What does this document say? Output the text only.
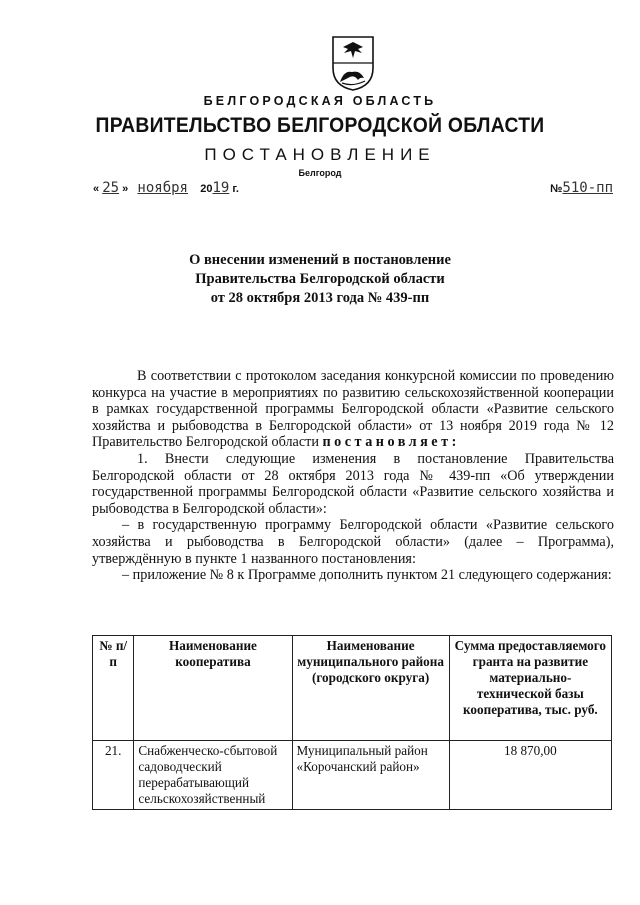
БЕЛГОРОДСКАЯ ОБЛАСТЬ
ПРАВИТЕЛЬСТВО БЕЛГОРОДСКОЙ ОБЛАСТИ
ПОСТАНОВЛЕНИЕ
Белгород
« 25 » ноября 2019 г.	№510-пп
О внесении изменений в постановление
Правительства Белгородской области
от 28 октября 2013 года № 439-пп

В соответствии с протоколом заседания конкурсной комиссии по проведению конкурса на участие в мероприятиях по развитию сельскохозяйственной кооперации в рамках государственной программы Белгородской области «Развитие сельского хозяйства и рыбоводства в Белгородской области» от 13 ноября 2019 года № 12 Правительство Белгородской области постановляет:

1. Внести следующие изменения в постановление Правительства Белгородской области от 28 октября 2013 года № 439-пп «Об утверждении государственной программы Белгородской области «Развитие сельского хозяйства и рыбоводства в Белгородской области»:

– в государственную программу Белгородской области «Развитие сельского хозяйства и рыбоводства в Белгородской области» (далее – Программа), утверждённую в пункте 1 названного постановления:

– приложение № 8 к Программе дополнить пунктом 21 следующего содержания:

№ п/п	Наименование кооператива	Наименование муниципального района (городского округа)	Сумма предоставляемого гранта на развитие материально-технической базы кооператива, тыс. руб.
21.	Снабженческо-сбытовой садоводческий перерабатывающий сельскохозяйственный	Муниципальный район «Корочанский район»	18 870,00
